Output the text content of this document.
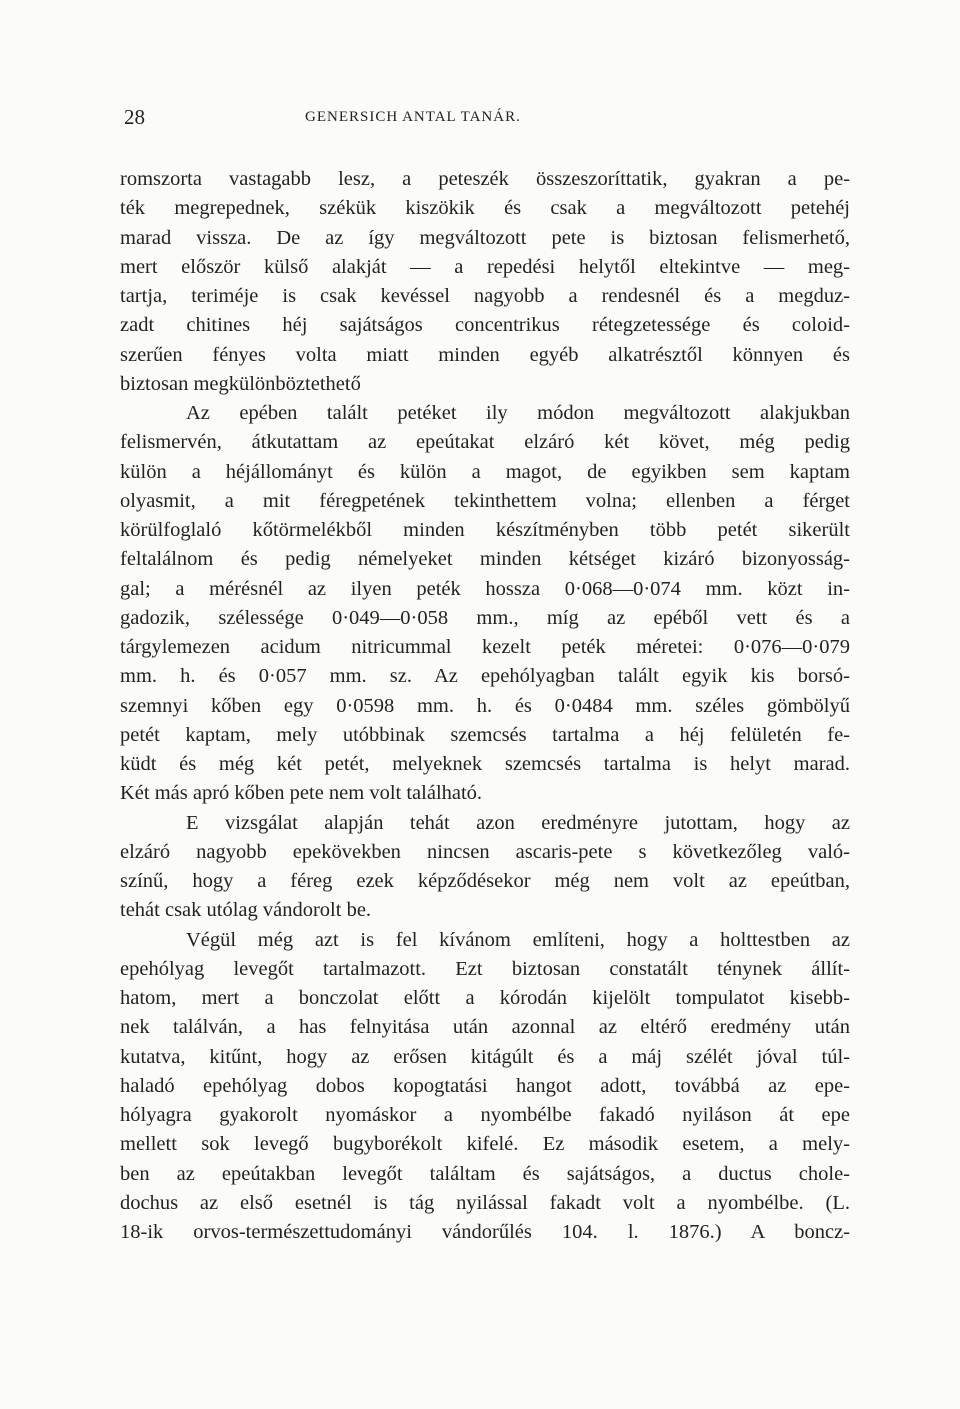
28	GENERSICH ANTAL TANÁR.
romszorta vastagabb lesz, a peteszék összeszoríttatik, gyakran a pe-
ték megrepednek, székük kiszökik és csak a megváltozott petehéj
marad vissza. De az így megváltozott pete is biztosan felismerhető,
mert először külső alakját — a repedési helytől eltekintve — meg-
tartja, teriméje is csak kevéssel nagyobb a rendesnél és a megduz-
zadt chitines héj sajátságos concentrikus rétegzetessége és coloid-
szerűen fényes volta miatt minden egyéb alkatrésztől könnyen és
biztosan megkülönböztethető
Az epében talált petéket ily módon megváltozott alakjukban
felismervén, átkutattam az epeútakat elzáró két követ, még pedig
külön a héjállományt és külön a magot, de egyikben sem kaptam
olyasmit, a mit féregpetének tekinthettem volna; ellenben a férget
körülfoglaló kőtörmelékből minden készítményben több petét sikerült
feltalálnom és pedig némelyeket minden kétséget kizáró bizonyosság-
gal; a mérésnél az ilyen peték hossza 0·068—0·074 mm. közt in-
gadozik, szélessége 0·049—0·058 mm., míg az epéből vett és a
tárgylemezen acidum nitricummal kezelt peték méretei: 0·076—0·079
mm. h. és 0·057 mm. sz. Az epehólyagban talált egyik kis borsó-
szemnyi kőben egy 0·0598 mm. h. és 0·0484 mm. széles gömbölyű
petét kaptam, mely utóbbinak szemcsés tartalma a héj felületén fe-
küdt és még két petét, melyeknek szemcsés tartalma is helyt marad.
Két más apró kőben pete nem volt található.
E vizsgálat alapján tehát azon eredményre jutottam, hogy az
elzáró nagyobb epekövekben nincsen ascaris-pete s következőleg való-
színű, hogy a féreg ezek képződésekor még nem volt az epeútban,
tehát csak utólag vándorolt be.
Végül még azt is fel kívánom említeni, hogy a holttestben az
epehólyag levegőt tartalmazott. Ezt biztosan constatált ténynek állít-
hatom, mert a bonczolat előtt a kórodán kijelölt tompulatot kisebb-
nek találván, a has felnyitása után azonnal az eltérő eredmény után
kutatva, kitűnt, hogy az erősen kitágúlt és a máj szélét jóval túl-
haladó epehólyag dobos kopogtatási hangot adott, továbbá az epe-
hólyagra gyakorolt nyomáskor a nyombélbe fakadó nyiláson át epe
mellett sok levegő bugyborékolt kifelé. Ez második esetem, a mely-
ben az epeútakban levegőt találtam és sajátságos, a ductus chole-
dochus az első esetnél is tág nyilással fakadt volt a nyombélbe. (L.
18-ik orvos-természettudományi vándorűlés 104. l. 1876.) A boncz-
